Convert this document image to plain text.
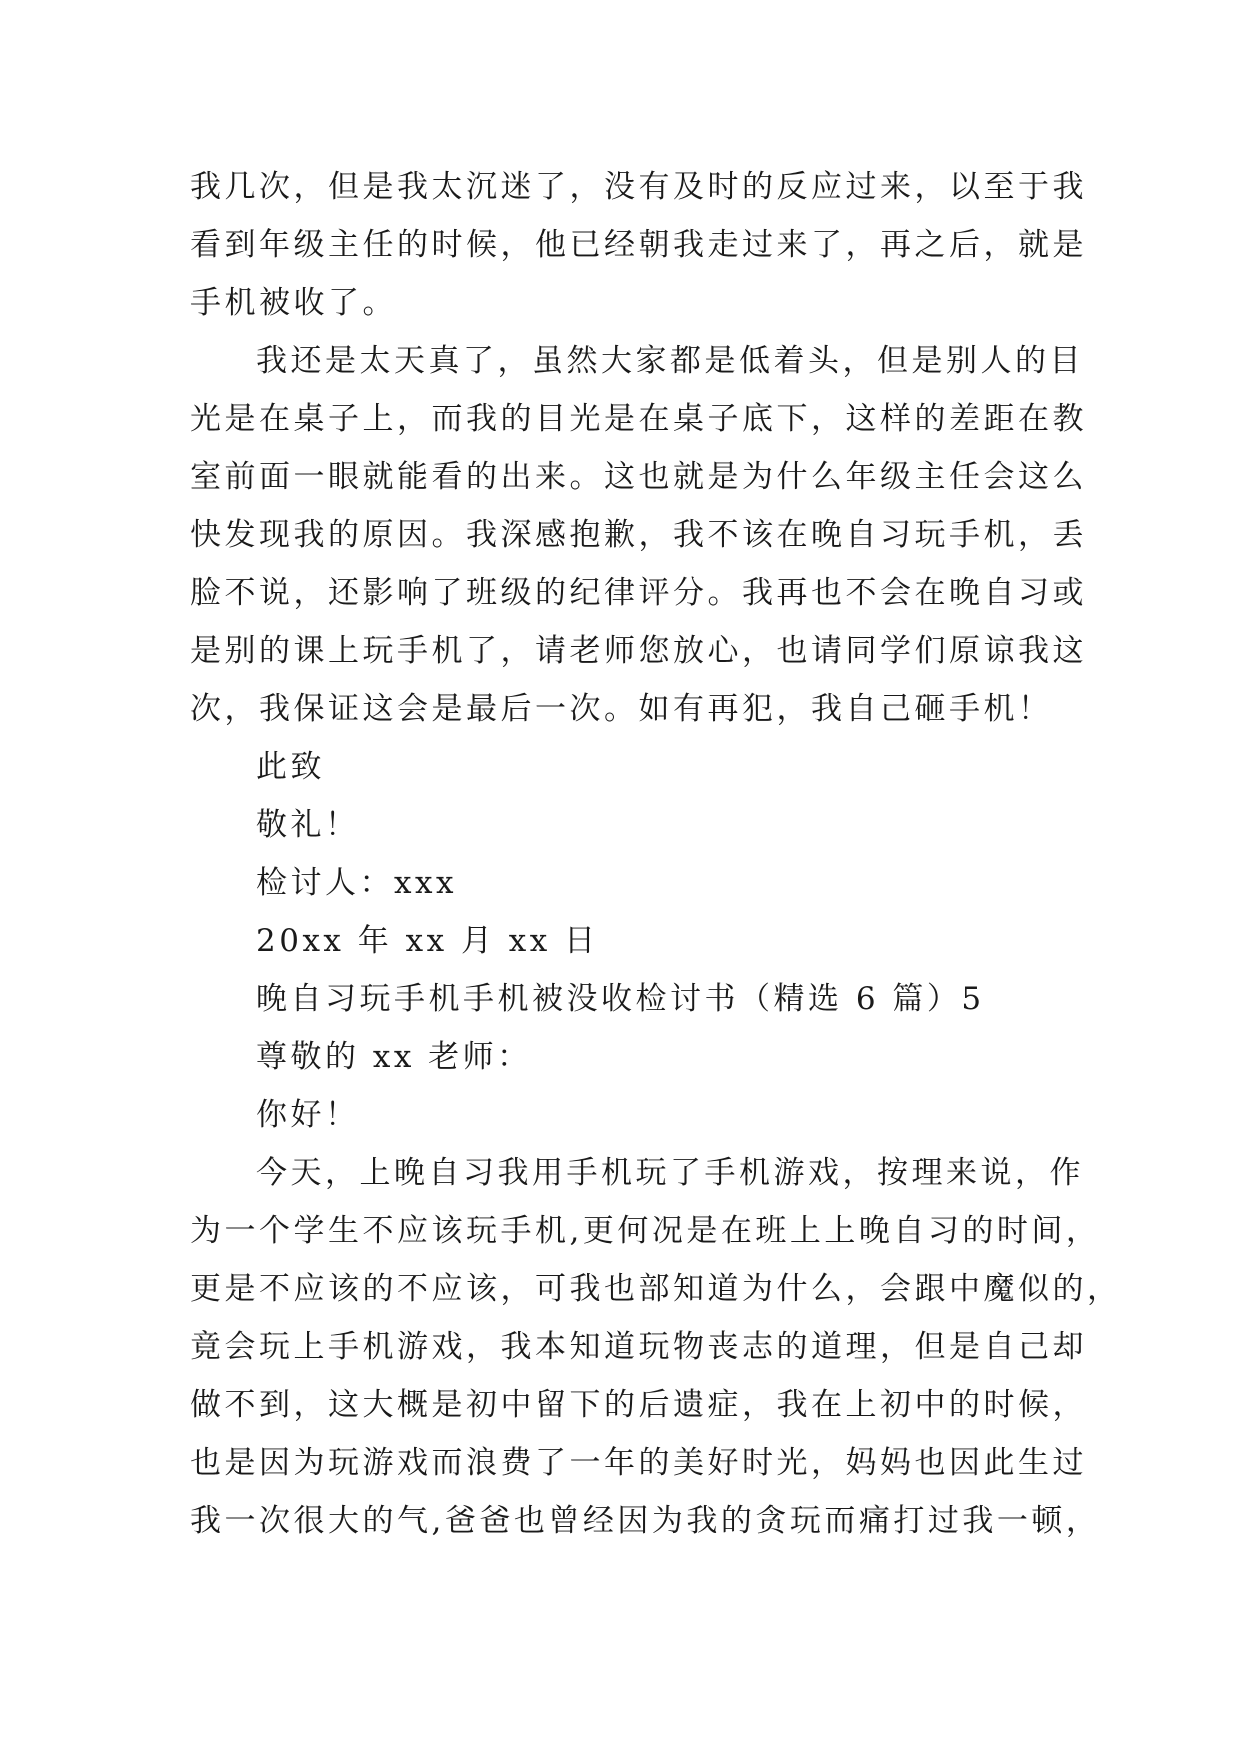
我几次，但是我太沉迷了，没有及时的反应过来，以至于我
看到年级主任的时候，他已经朝我走过来了，再之后，就是
手机被收了。
我还是太天真了，虽然大家都是低着头，但是别人的目
光是在桌子上，而我的目光是在桌子底下，这样的差距在教
室前面一眼就能看的出来。这也就是为什么年级主任会这么
快发现我的原因。我深感抱歉，我不该在晚自习玩手机，丢
脸不说，还影响了班级的纪律评分。我再也不会在晚自习或
是别的课上玩手机了，请老师您放心，也请同学们原谅我这
次，我保证这会是最后一次。如有再犯，我自己砸手机！
此致
敬礼！
检讨人：xxx
20xx 年 xx 月 xx 日
晚自习玩手机手机被没收检讨书（精选 6 篇）5
尊敬的 xx 老师：
你好！
今天，上晚自习我用手机玩了手机游戏，按理来说，作
为一个学生不应该玩手机,更何况是在班上上晚自习的时间，
更是不应该的不应该，可我也部知道为什么，会跟中魔似的，
竟会玩上手机游戏，我本知道玩物丧志的道理，但是自己却
做不到，这大概是初中留下的后遗症，我在上初中的时候，
也是因为玩游戏而浪费了一年的美好时光，妈妈也因此生过
我一次很大的气,爸爸也曾经因为我的贪玩而痛打过我一顿，
